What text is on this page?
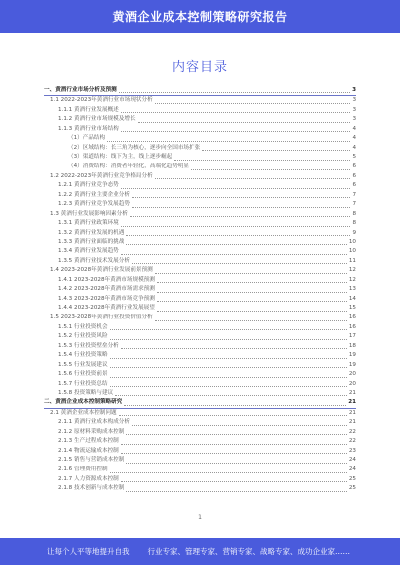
黄酒企业成本控制策略研究报告
内容目录
一、黄酒行业市场分析及预测	3
1.1 2022-2023年黄酒行业市场现状分析	3
1.1.1 黄酒行业发展概述	3
1.1.2 黄酒行业市场规模及增长	3
1.1.3 黄酒行业市场结构	4
（1）产品结构	4
（2）区域结构：长三角为核心，逐步向全国市场扩张	4
（3）渠道结构：线下为主，线上逐步崛起	5
（4）消费结构：消费者年轻化，高端化趋势明显	6
1.2 2022-2023年黄酒行业竞争格局分析	6
1.2.1 黄酒行业竞争态势	6
1.2.2 黄酒行业主要企业分析	7
1.2.3 黄酒行业竞争发展趋势	7
1.3 黄酒行业发展影响因素分析	8
1.3.1 黄酒行业政策环境	8
1.3.2 黄酒行业发展的机遇	9
1.3.3 黄酒行业面临的挑战	10
1.3.4 黄酒行业发展趋势	10
1.3.5 黄酒行业技术发展分析	11
1.4 2023-2028年黄酒行业发展前景预测	12
1.4.1 2023-2028年黄酒市场规模预测	12
1.4.2 2023-2028年黄酒市场需求预测	13
1.4.3 2023-2028年黄酒市场竞争预测	14
1.4.4 2023-2028年黄酒行业发展展望	15
1.5 2023-2028年黄酒行业投资价值分析	16
1.5.1 行业投资机会	16
1.5.2 行业投资风险	17
1.5.3 行业投资壁垒分析	18
1.5.4 行业投资策略	19
1.5.5 行业发展建议	19
1.5.6 行业投资前景	20
1.5.7 行业投资总结	20
1.5.8 投资策略与建议	21
二、黄酒企业成本控制策略研究	21
2.1 黄酒企业成本控制问题	21
2.1.1 黄酒行业成本构成分析	21
2.1.2 原材料采购成本控制	22
2.1.3 生产过程成本控制	22
2.1.4 物流运输成本控制	23
2.1.5 销售与营销成本控制	24
2.1.6 管理费用控制	24
2.1.7 人力资源成本控制	25
2.1.8 技术创新与成本控制	25
1
让每个人平等地提升自我 行业专家、管理专家、营销专家、战略专家、成功企业家……
